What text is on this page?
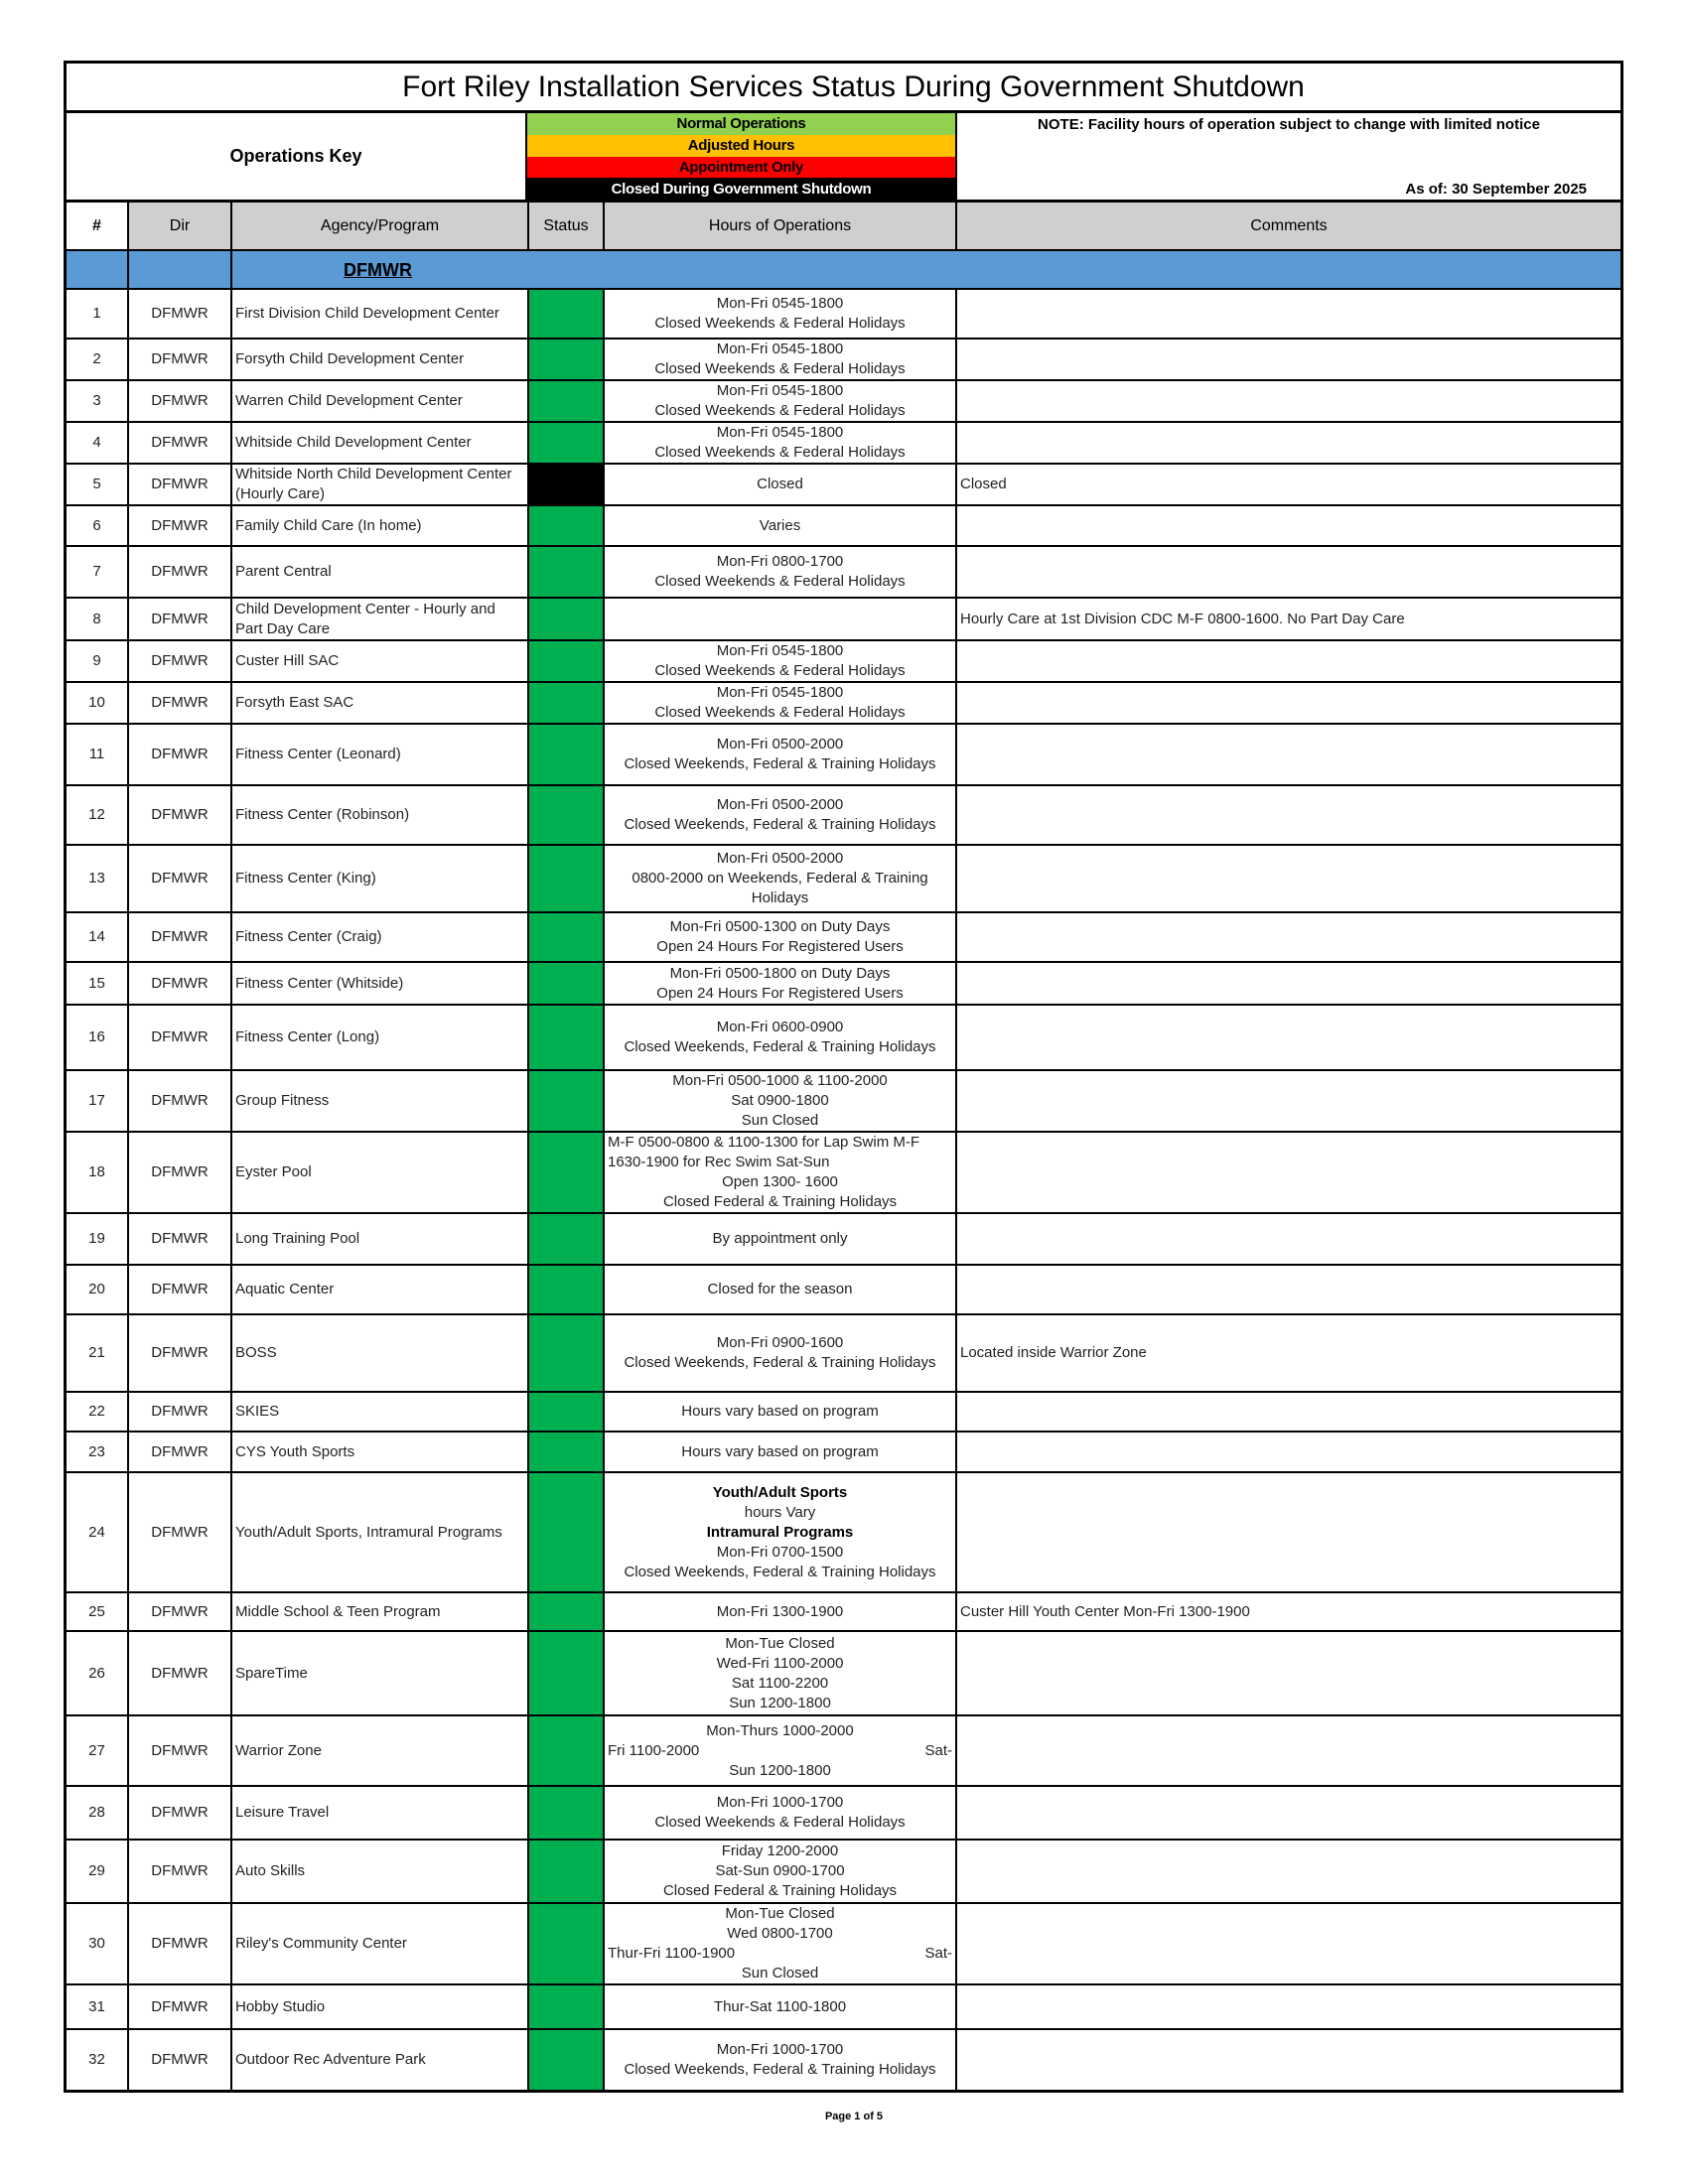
Fort Riley Installation Services Status During Government Shutdown
Operations Key
Normal Operations
Adjusted Hours
Appointment Only
Closed During Government Shutdown
NOTE: Facility hours of operation subject to change with limited notice
As of: 30 September 2025
#	Dir	Agency/Program	Status	Hours of Operations	Comments
		DFMWR			
1	DFMWR	First Division Child Development Center		Mon-Fri 0545-1800
Closed Weekends & Federal Holidays	

2	DFMWR	Forsyth Child Development Center		Mon-Fri 0545-1800
Closed Weekends & Federal Holidays	

3	DFMWR	Warren Child Development Center		Mon-Fri 0545-1800
Closed Weekends & Federal Holidays	

4	DFMWR	Whitside Child Development Center		Mon-Fri 0545-1800
Closed Weekends & Federal Holidays	

5	DFMWR	Whitside North Child Development Center (Hourly Care)		Closed	Closed
6	DFMWR	Family Child Care (In home)		Varies	

7	DFMWR	Parent Central		Mon-Fri 0800-1700
Closed Weekends & Federal Holidays	

8	DFMWR	Child Development Center - Hourly and Part Day Care			Hourly Care at 1st Division CDC M-F 0800-1600. No Part Day Care
9	DFMWR	Custer Hill SAC		Mon-Fri 0545-1800
Closed Weekends & Federal Holidays	

10	DFMWR	Forsyth East SAC		Mon-Fri 0545-1800
Closed Weekends & Federal Holidays	

11	DFMWR	Fitness Center (Leonard)		Mon-Fri 0500-2000
Closed Weekends, Federal & Training Holidays	

12	DFMWR	Fitness Center (Robinson)		Mon-Fri 0500-2000
Closed Weekends, Federal & Training Holidays	

13	DFMWR	Fitness Center (King)		Mon-Fri 0500-2000
0800-2000 on Weekends, Federal & Training
Holidays	

14	DFMWR	Fitness Center (Craig)		Mon-Fri 0500-1300 on Duty Days
Open 24 Hours For Registered Users	

15	DFMWR	Fitness Center (Whitside)		Mon-Fri 0500-1800 on Duty Days
Open 24 Hours For Registered Users	

16	DFMWR	Fitness Center (Long)		Mon-Fri 0600-0900
Closed Weekends, Federal & Training Holidays	

17	DFMWR	Group Fitness		Mon-Fri 0500-1000 & 1100-2000
Sat 0900-1800
Sun Closed	

18	DFMWR	Eyster Pool		M-F 0500-0800 & 1100-1300 for Lap Swim M-F 1630-1900 for Rec Swim Sat-Sun
Open 1300- 1600
Closed Federal & Training Holidays	

19	DFMWR	Long Training Pool		By appointment only	

20	DFMWR	Aquatic Center		Closed for the season	

21	DFMWR	BOSS		Mon-Fri 0900-1600
Closed Weekends, Federal & Training Holidays	Located inside Warrior Zone
22	DFMWR	SKIES		Hours vary based on program	

23	DFMWR	CYS Youth Sports		Hours vary based on program	

24	DFMWR	Youth/Adult Sports, Intramural Programs		Youth/Adult Sports
hours Vary
Intramural Programs
Mon-Fri 0700-1500
Closed Weekends, Federal & Training Holidays	

25	DFMWR	Middle School & Teen Program		Mon-Fri 1300-1900	Custer Hill Youth Center Mon-Fri 1300-1900
26	DFMWR	SpareTime		Mon-Tue Closed
Wed-Fri 1100-2000
Sat 1100-2200
Sun 1200-1800	

27	DFMWR	Warrior Zone		Mon-Thurs 1000-2000
Fri 1100-2000 Sat-
Sun 1200-1800	

28	DFMWR	Leisure Travel		Mon-Fri 1000-1700
Closed Weekends & Federal Holidays	

29	DFMWR	Auto Skills		Friday 1200-2000
Sat-Sun 0900-1700
Closed Federal & Training Holidays	

30	DFMWR	Riley's Community Center		Mon-Tue Closed
Wed 0800-1700
Thur-Fri 1100-1900 Sat-
Sun Closed	

31	DFMWR	Hobby Studio		Thur-Sat 1100-1800	

32	DFMWR	Outdoor Rec Adventure Park		Mon-Fri 1000-1700
Closed Weekends, Federal & Training Holidays	

Page 1 of 5
